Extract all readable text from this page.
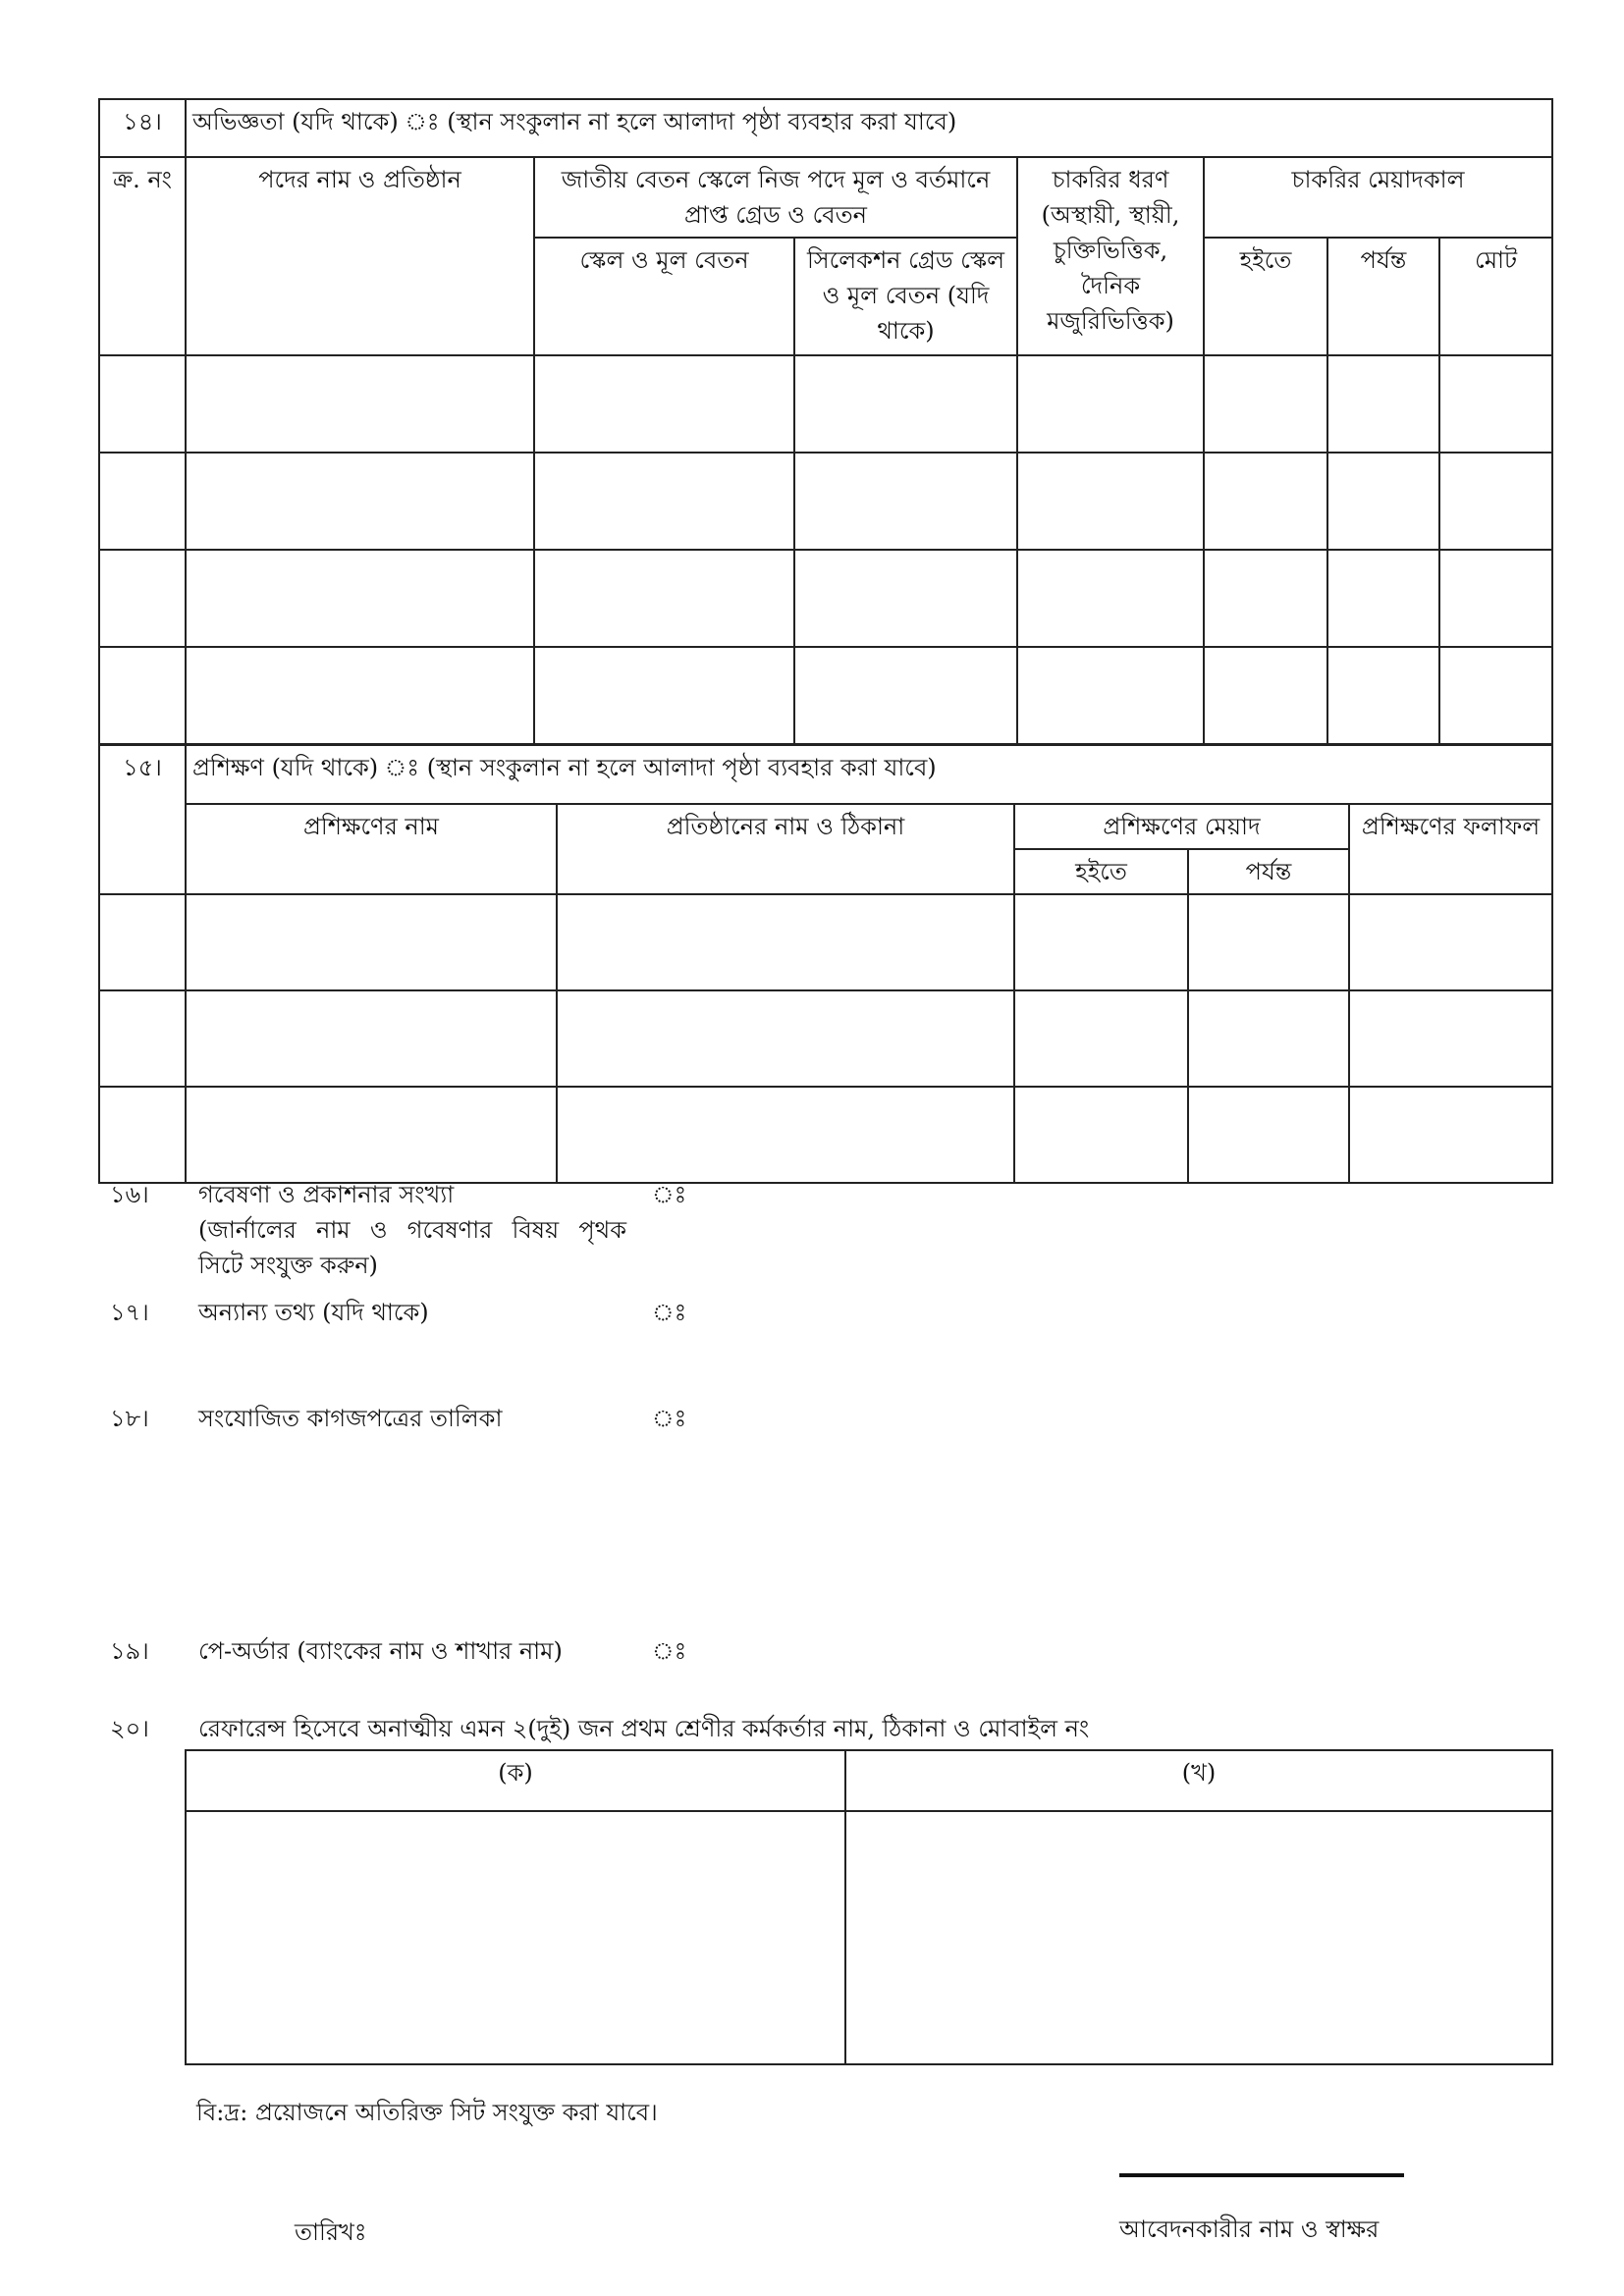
১৪।	অভিজ্ঞতা (যদি থাকে) ঃ (স্থান সংকুলান না হলে আলাদা পৃষ্ঠা ব্যবহার করা যাবে)						
ক্র. নং	পদের নাম ও প্রতিষ্ঠান	জাতীয় বেতন স্কেলে নিজ পদে মূল ও বর্তমানে প্রাপ্ত গ্রেড ও বেতন		চাকরির ধরণ (অস্থায়ী, স্থায়ী, চুক্তিভিত্তিক, দৈনিক মজুরিভিত্তিক)	চাকরির মেয়াদকাল		
		স্কেল ও মূল বেতন	সিলেকশন গ্রেড স্কেল ও মূল বেতন (যদি থাকে)		হইতে	পর্যন্ত	মোট

১৫।	প্রশিক্ষণ (যদি থাকে) ঃ (স্থান সংকুলান না হলে আলাদা পৃষ্ঠা ব্যবহার করা যাবে)				
	প্রশিক্ষণের নাম	প্রতিষ্ঠানের নাম ও ঠিকানা	প্রশিক্ষণের মেয়াদ		প্রশিক্ষণের ফলাফল
			হইতে	পর্যন্ত	

১৬। গবেষণা ও প্রকাশনার সংখ্যা
(জার্নালের নাম ও গবেষণার বিষয় পৃথক
সিটে সংযুক্ত করুন)
ঃ
১৭। অন্যান্য তথ্য (যদি থাকে)	ঃ
১৮। সংযোজিত কাগজপত্রের তালিকা	ঃ
১৯। পে-অর্ডার (ব্যাংকের নাম ও শাখার নাম)	ঃ
২০। রেফারেন্স হিসেবে অনাত্মীয় এমন ২(দুই) জন প্রথম শ্রেণীর কর্মকর্তার নাম, ঠিকানা ও মোবাইল নং
(ক)	(খ)

বি:দ্র: প্রয়োজনে অতিরিক্ত সিট সংযুক্ত করা যাবে।
তারিখঃ	আবেদনকারীর নাম ও স্বাক্ষর
